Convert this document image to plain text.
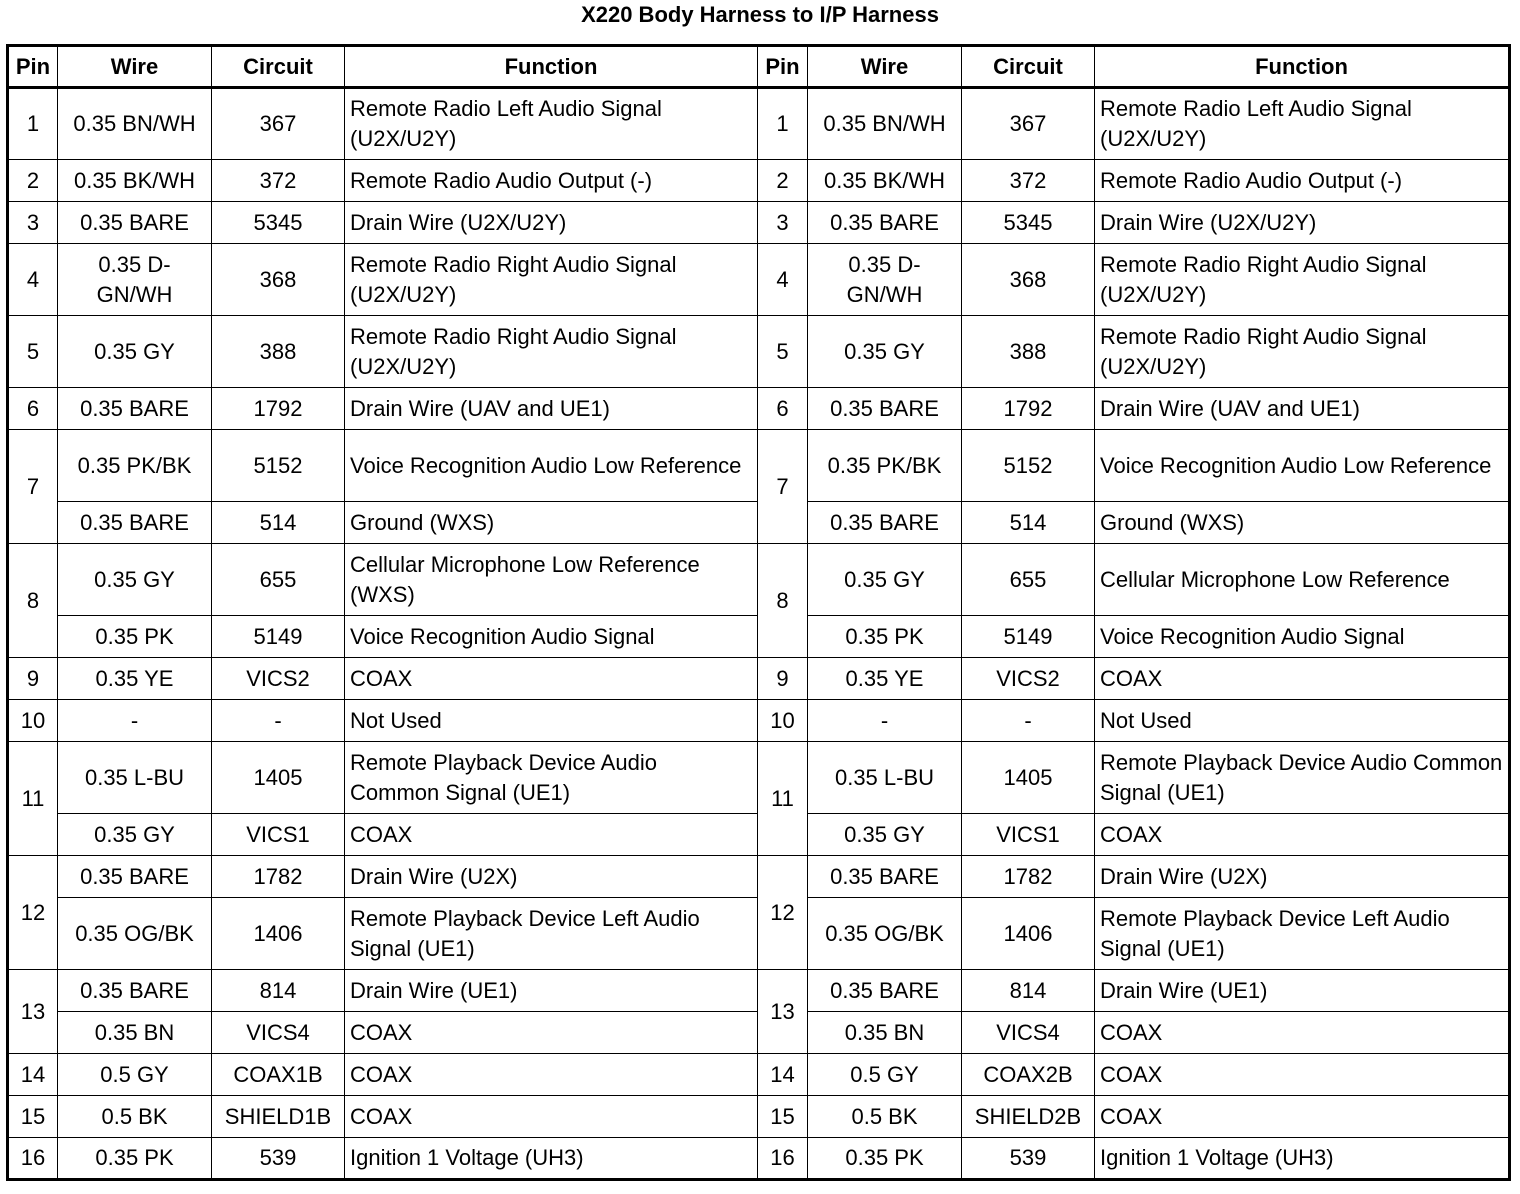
X220 Body Harness to I/P Harness
Pin	Wire	Circuit	Function	Pin	Wire	Circuit	Function
1	0.35 BN/WH	367	Remote Radio Left Audio Signal (U2X/U2Y)	1	0.35 BN/WH	367	Remote Radio Left Audio Signal (U2X/U2Y)
2	0.35 BK/WH	372	Remote Radio Audio Output (-)	2	0.35 BK/WH	372	Remote Radio Audio Output (-)
3	0.35 BARE	5345	Drain Wire (U2X/U2Y)	3	0.35 BARE	5345	Drain Wire (U2X/U2Y)
4	0.35 D-GN/WH	368	Remote Radio Right Audio Signal (U2X/U2Y)	4	0.35 D-GN/WH	368	Remote Radio Right Audio Signal (U2X/U2Y)
5	0.35 GY	388	Remote Radio Right Audio Signal (U2X/U2Y)	5	0.35 GY	388	Remote Radio Right Audio Signal (U2X/U2Y)
6	0.35 BARE	1792	Drain Wire (UAV and UE1)	6	0.35 BARE	1792	Drain Wire (UAV and UE1)
7	0.35 PK/BK	5152	Voice Recognition Audio Low Reference	7	0.35 PK/BK	5152	Voice Recognition Audio Low Reference
	0.35 BARE	514	Ground (WXS)		0.35 BARE	514	Ground (WXS)
8	0.35 GY	655	Cellular Microphone Low Reference (WXS)	8	0.35 GY	655	Cellular Microphone Low Reference
	0.35 PK	5149	Voice Recognition Audio Signal		0.35 PK	5149	Voice Recognition Audio Signal
9	0.35 YE	VICS2	COAX	9	0.35 YE	VICS2	COAX
10	-	-	Not Used	10	-	-	Not Used
11	0.35 L-BU	1405	Remote Playback Device Audio Common Signal (UE1)	11	0.35 L-BU	1405	Remote Playback Device Audio Common Signal (UE1)
	0.35 GY	VICS1	COAX		0.35 GY	VICS1	COAX
12	0.35 BARE	1782	Drain Wire (U2X)	12	0.35 BARE	1782	Drain Wire (U2X)
	0.35 OG/BK	1406	Remote Playback Device Left Audio Signal (UE1)		0.35 OG/BK	1406	Remote Playback Device Left Audio Signal (UE1)
13	0.35 BARE	814	Drain Wire (UE1)	13	0.35 BARE	814	Drain Wire (UE1)
	0.35 BN	VICS4	COAX		0.35 BN	VICS4	COAX
14	0.5 GY	COAX1B	COAX	14	0.5 GY	COAX2B	COAX
15	0.5 BK	SHIELD1B	COAX	15	0.5 BK	SHIELD2B	COAX
16	0.35 PK	539	Ignition 1 Voltage (UH3)	16	0.35 PK	539	Ignition 1 Voltage (UH3)
